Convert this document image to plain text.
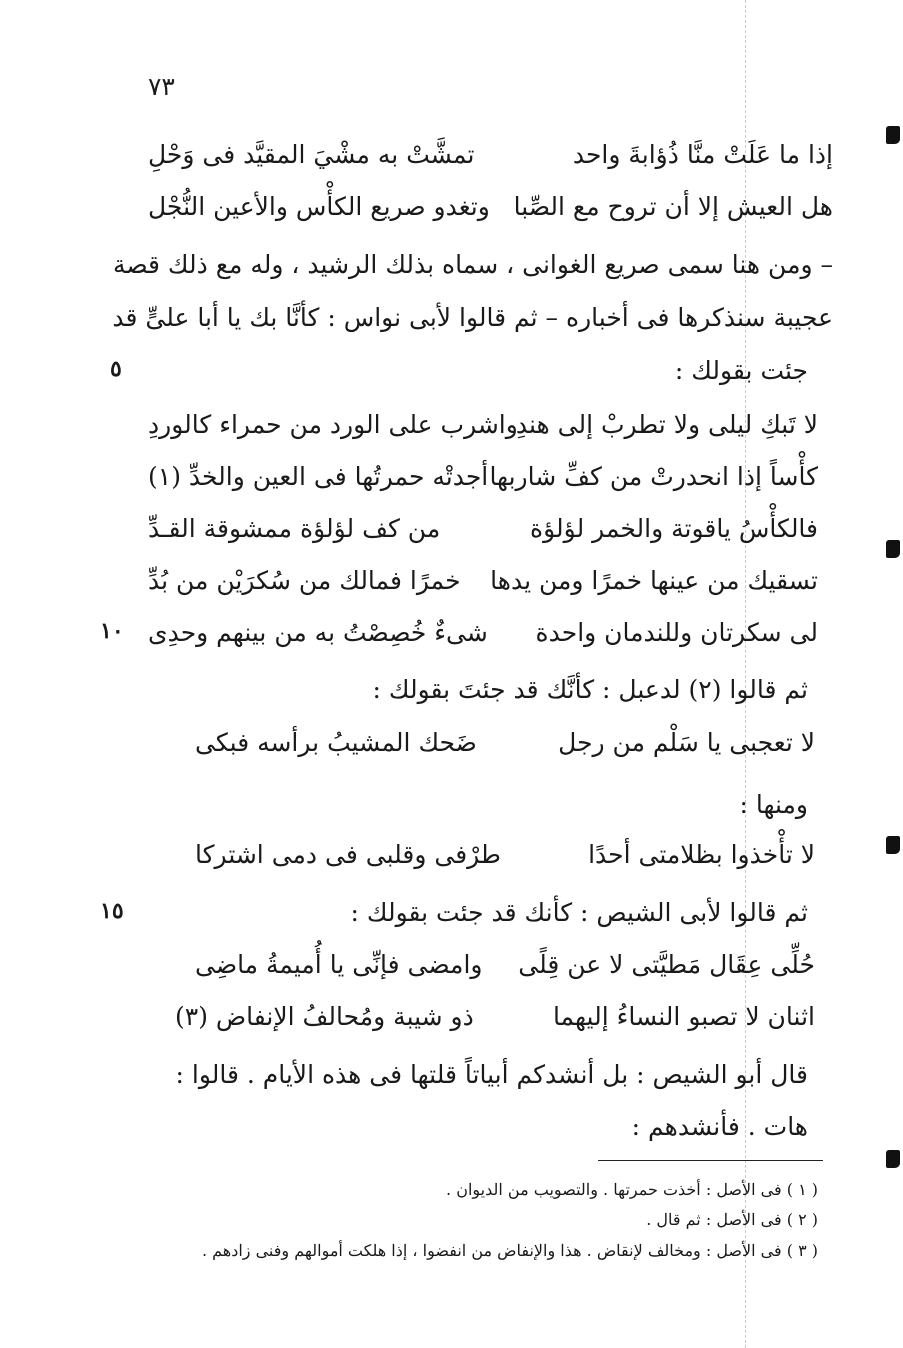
٧٣
إذا ما عَلَتْ منَّا ذُؤابةَ واحد
تمشَّتْ به مشْيَ المقيَّد فى وَحْلِ
هل العيش إلا أن تروح مع الصِّبا
وتغدو صريع الكأْس والأعين النُّجْل
– ومن هنا سمى صريع الغوانى ، سماه بذلك الرشيد ، وله مع ذلك قصة
عجيبة سنذكرها فى أخباره – ثم قالوا لأبى نواس : كأنَّا بك يا أبا علىٍّ قد
جئت بقولك :
٥
لا تَبكِ ليلى ولا تطربْ إلى هندِ
واشرب على الورد من حمراء كالوردِ
كأْساً إذا انحدرتْ من كفِّ شاربها
أجدتْه حمرتُها فى العين والخدِّ (١)
فالكأْسُ ياقوتة والخمر لؤلؤة
من كف لؤلؤة ممشوقة القـدِّ
تسقيك من عينها خمرًا ومن يدها
خمرًا فمالك من سُكرَيْن من بُدِّ
لى سكرتان وللندمان واحدة
شىءٌ خُصِصْتُ به من بينهم وحدِى
١٠
ثم قالوا (٢) لدعبل : كأنَّك قد جئتَ بقولك :
لا تعجبى يا سَلْم من رجل
ضَحك المشيبُ برأسه فبكى
ومنها :
لا تأْخذوا بظلامتى أحدًا
طرْفى وقلبى فى دمى اشتركا
ثم قالوا لأبى الشيص : كأنك قد جئت بقولك :
١٥
حُلِّى عِقَال مَطيَّتى لا عن قِلًى
وامضى فإنِّى يا أُميمةُ ماضِى
اثنان لا تصبو النساءُ إليهما
ذو شيبة ومُحالفُ الإنفاض (٣)
قال أبو الشيص : بل أنشدكم أبياتاً قلتها فى هذه الأيام . قالوا :
هات . فأنشدهم :
( ١ ) فى الأصل : أخذت حمرتها . والتصويب من الديوان .
( ٢ ) فى الأصل : ثم قال .
( ٣ ) فى الأصل : ومخالف لإنقاض . هذا والإنفاض من انفضوا ، إذا هلكت أموالهم وفنى زادهم .
